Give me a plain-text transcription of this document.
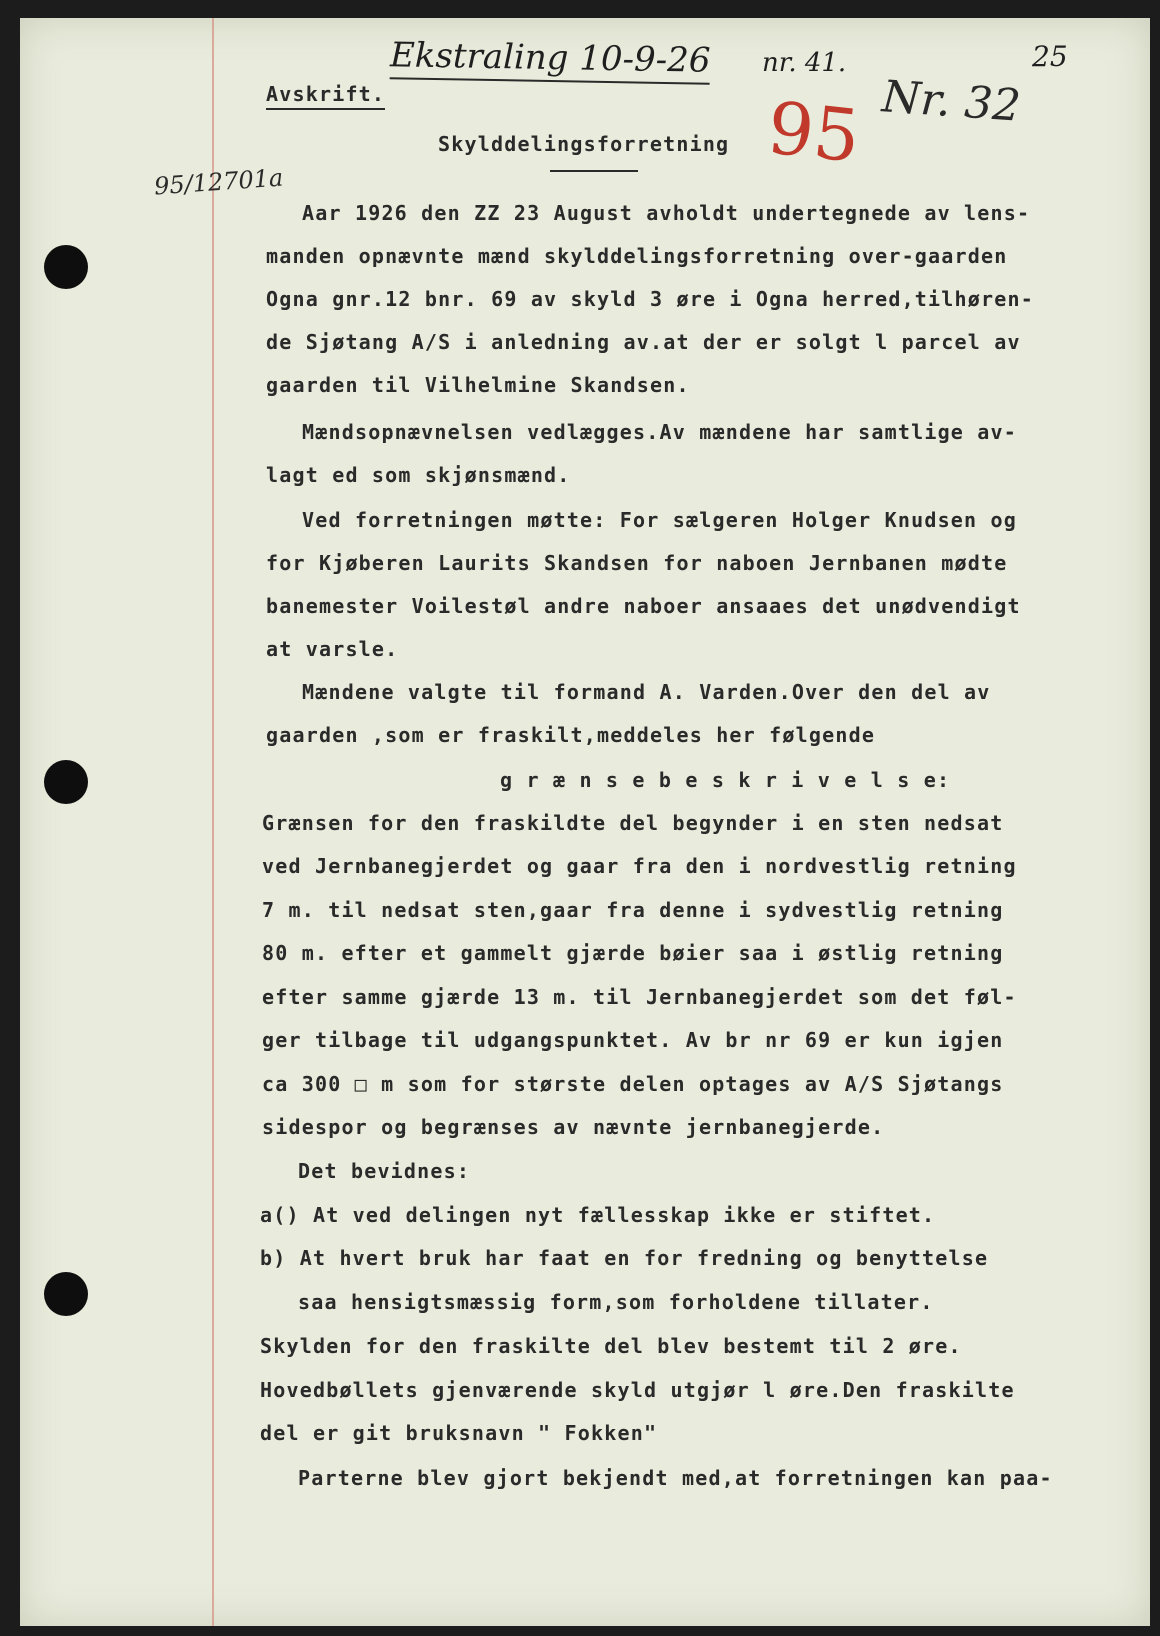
Ekstraling 10-9-26 nr. 41.	25
95 Nr. 32
95/12701a
Avskrift.
Skylddelingsforretning
Aar 1926 den ZZ 23 August avholdt undertegnede av lens-
manden opnævnte mænd skylddelingsforretning over-gaarden
Ogna gnr.12 bnr. 69 av skyld 3 øre i Ogna herred,tilhøren-
de Sjøtang A/S i anledning av.at der er solgt l parcel av
gaarden til Vilhelmine Skandsen.
Mændsopnævnelsen vedlægges.Av mændene har samtlige av-
lagt ed som skjønsmænd.
Ved forretningen møtte: For sælgeren Holger Knudsen og
for Kjøberen Laurits Skandsen for naboen Jernbanen mødte
banemester Voilestøl andre naboer ansaaes det unødvendigt
at varsle.
Mændene valgte til formand A. Varden.Over den del av
gaarden ,som er fraskilt,meddeles her følgende
g r æ n s e b e s k r i v e l s e:
Grænsen for den fraskildte del begynder i en sten nedsat
ved Jernbanegjerdet og gaar fra den i nordvestlig retning
7 m. til nedsat sten,gaar fra denne i sydvestlig retning
80 m. efter et gammelt gjærde bøier saa i østlig retning
efter samme gjærde 13 m. til Jernbanegjerdet som det føl-
ger tilbage til udgangspunktet. Av br nr 69 er kun igjen
ca 300 □ m som for største delen optages av A/S Sjøtangs
sidespor og begrænses av nævnte jernbanegjerde.
Det bevidnes:
a() At ved delingen nyt fællesskap ikke er stiftet.
b) At hvert bruk har faat en for fredning og benyttelse
saa hensigtsmæssig form,som forholdene tillater.
Skylden for den fraskilte del blev bestemt til 2 øre.
Hovedbøllets gjenværende skyld utgjør l øre.Den fraskilte
del er git bruksnavn " Fokken"
Parterne blev gjort bekjendt med,at forretningen kan paa-
